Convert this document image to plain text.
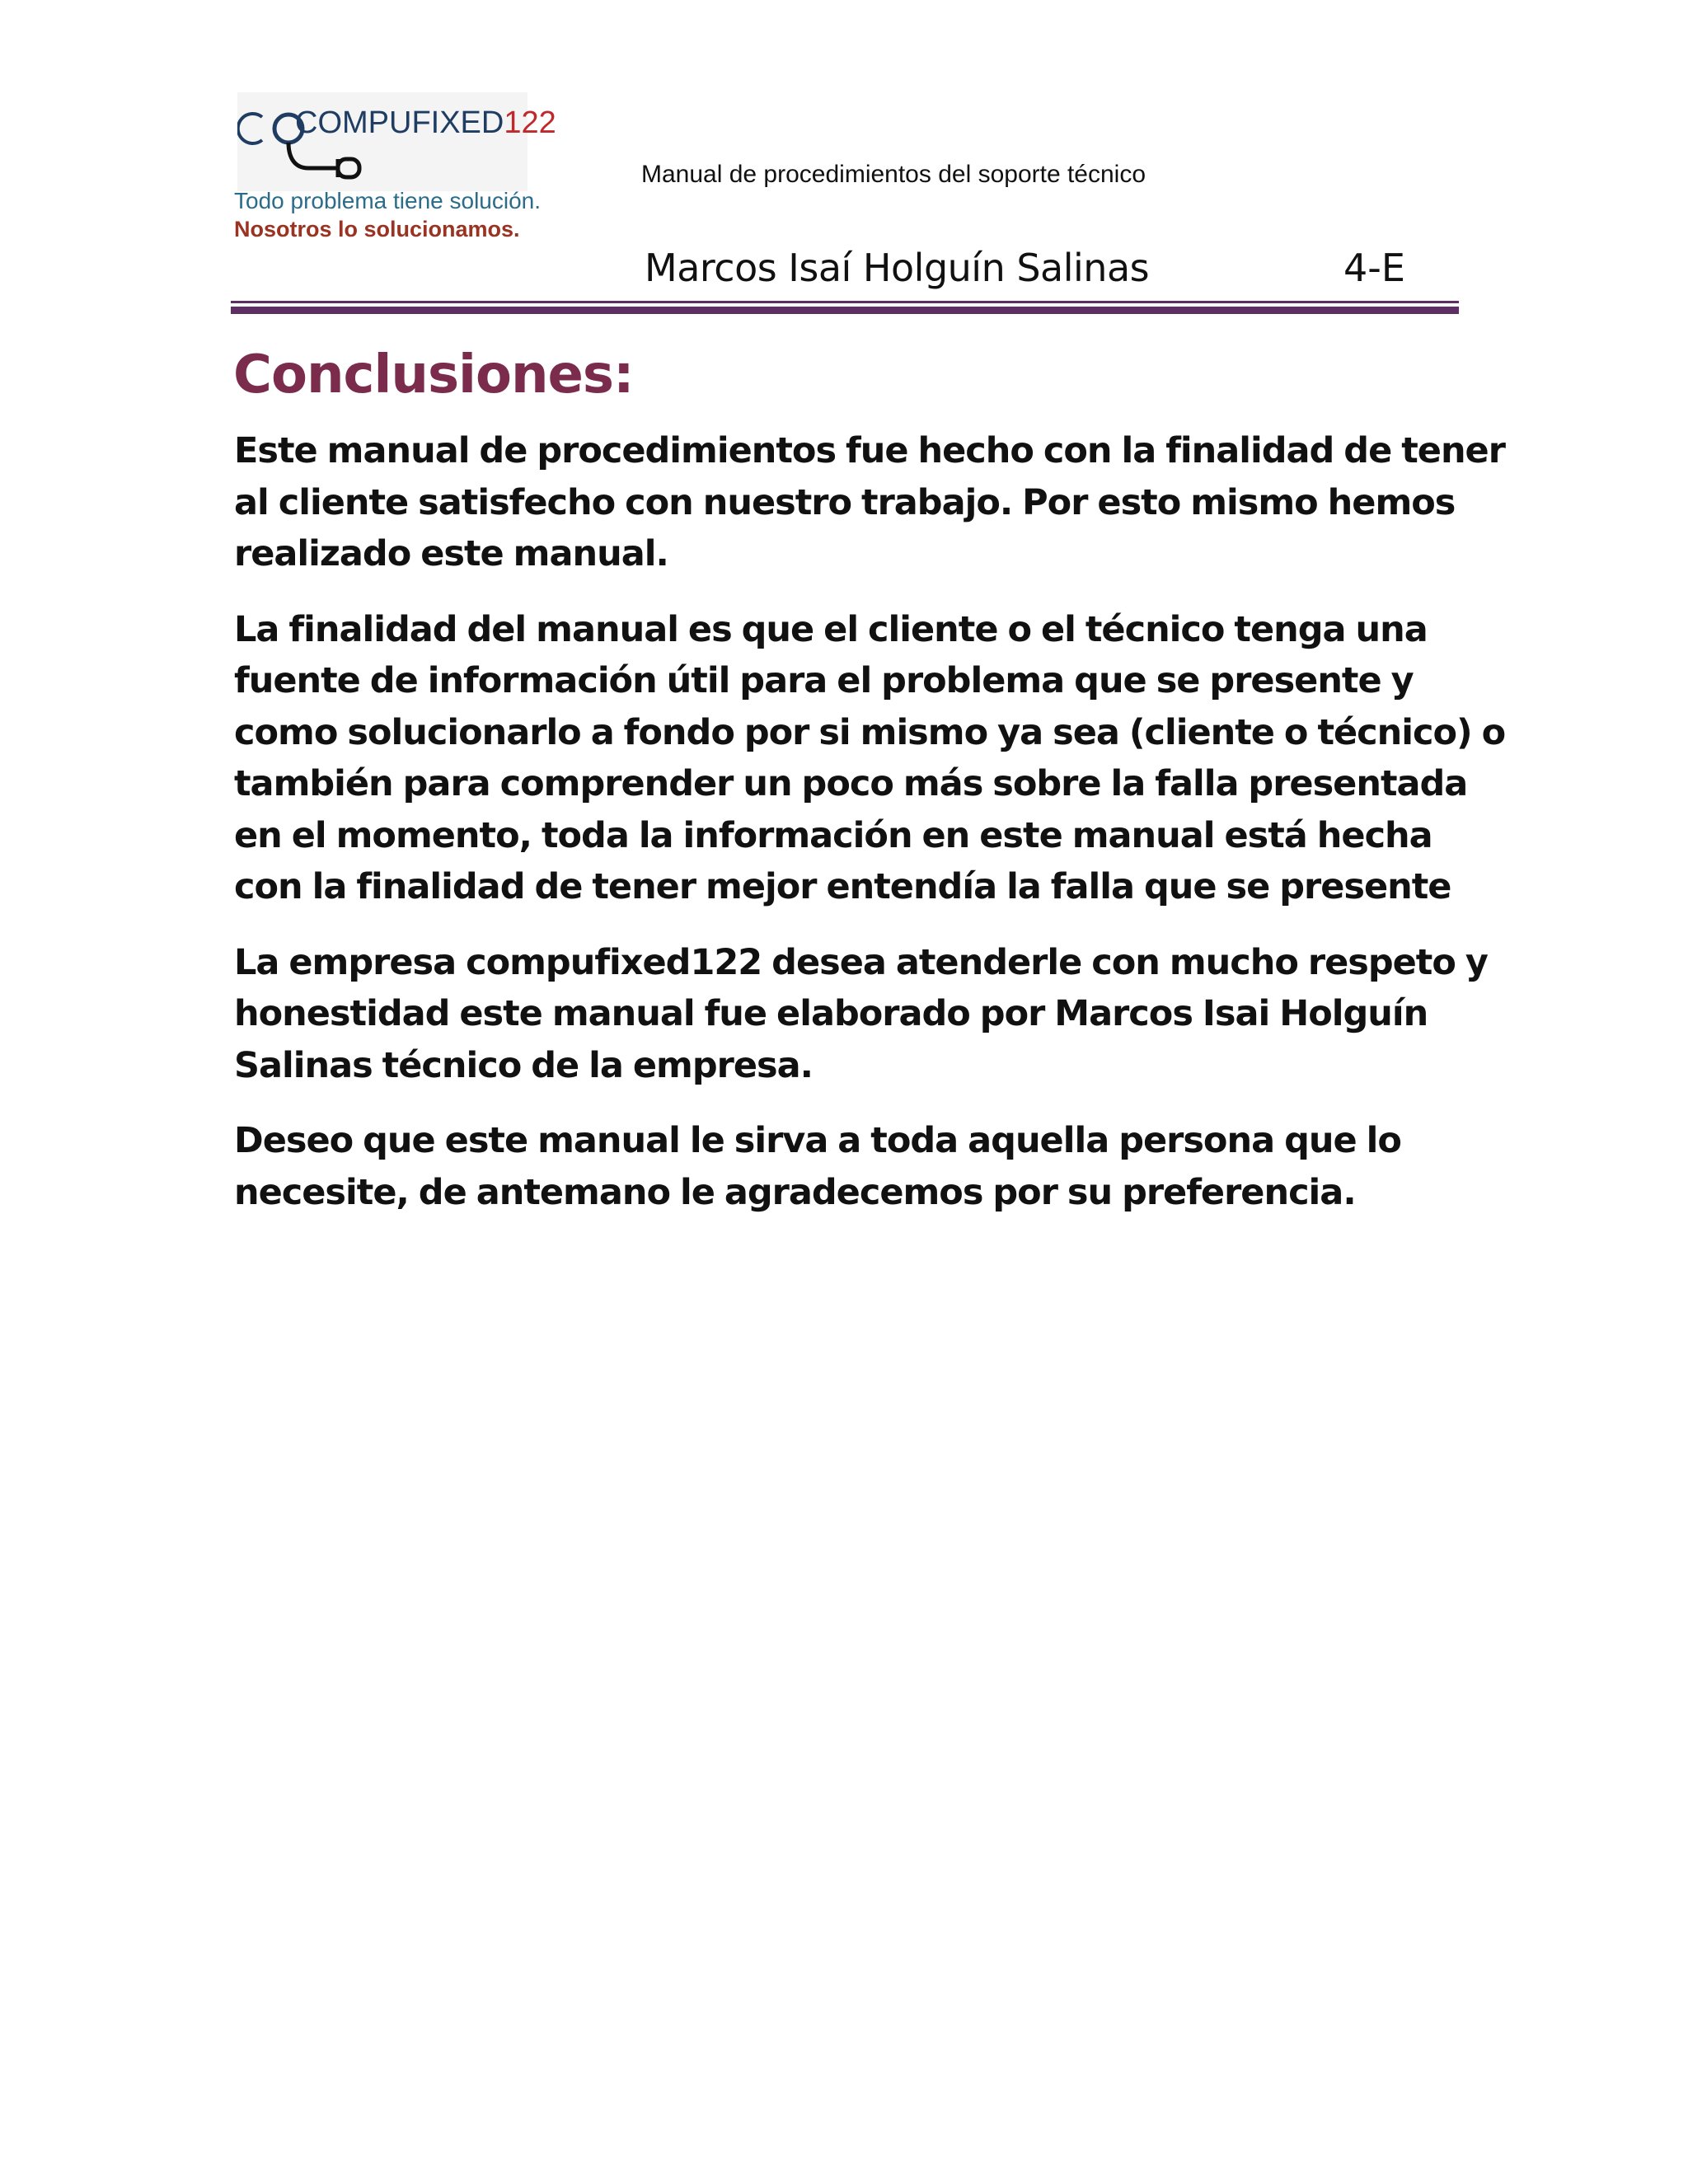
COMPUFIXED122
Todo problema tiene solución.
Nosotros lo solucionamos.
Manual de procedimientos del soporte técnico
Marcos Isaí Holguín Salinas	4-E
Conclusiones:

Este manual de procedimientos fue hecho con la finalidad de tener
al cliente satisfecho con nuestro trabajo. Por esto mismo hemos
realizado este manual.

La finalidad del manual es que el cliente o el técnico tenga una
fuente de información útil para el problema que se presente y
como solucionarlo a fondo por si mismo ya sea (cliente o técnico) o
también para comprender un poco más sobre la falla presentada
en el momento, toda la información en este manual está hecha
con la finalidad de tener mejor entendía la falla que se presente

La empresa compufixed122 desea atenderle con mucho respeto y
honestidad este manual fue elaborado por Marcos Isai Holguín
Salinas técnico de la empresa.

Deseo que este manual le sirva a toda aquella persona que lo
necesite, de antemano le agradecemos por su preferencia.
